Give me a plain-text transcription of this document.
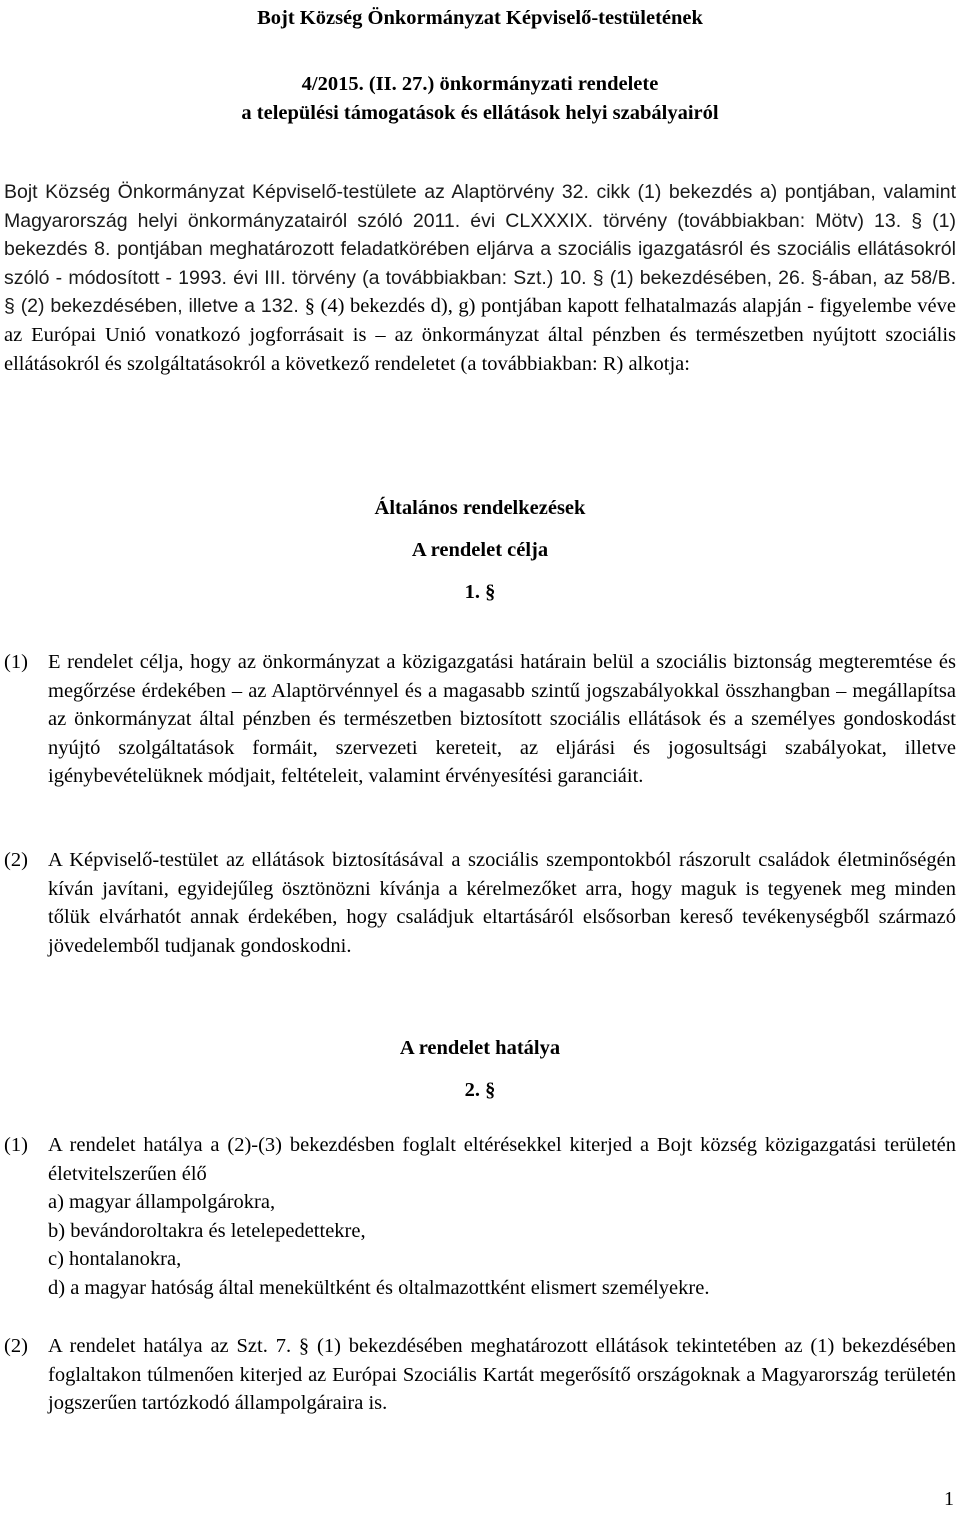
Bojt Község Önkormányzat Képviselő-testületének
4/2015. (II. 27.) önkormányzati rendelete
a települési támogatások és ellátások helyi szabályairól
Bojt Község Önkormányzat Képviselő-testülete az Alaptörvény 32. cikk (1) bekezdés a) pontjában, valamint Magyarország helyi önkormányzatairól szóló 2011. évi CLXXXIX. törvény (továbbiakban: Mötv) 13. § (1) bekezdés 8. pontjában meghatározott feladatkörében eljárva a szociális igazgatásról és szociális ellátásokról szóló - módosított - 1993. évi III. törvény (a továbbiakban: Szt.) 10. § (1) bekezdésében, 26. §-ában, az 58/B. § (2) bekezdésében, illetve a 132. § (4) bekezdés d), g) pontjában kapott felhatalmazás alapján - figyelembe véve az Európai Unió vonatkozó jogforrásait is – az önkormányzat által pénzben és természetben nyújtott szociális ellátásokról és szolgáltatásokról a következő rendeletet (a továbbiakban: R) alkotja:
Általános rendelkezések
A rendelet célja
1. §
(1) E rendelet célja, hogy az önkormányzat a közigazgatási határain belül a szociális biztonság megteremtése és megőrzése érdekében – az Alaptörvénnyel és a magasabb szintű jogszabályokkal összhangban – megállapítsa az önkormányzat által pénzben és természetben biztosított szociális ellátások és a személyes gondoskodást nyújtó szolgáltatások formáit, szervezeti kereteit, az eljárási és jogosultsági szabályokat, illetve igénybevételüknek módjait, feltételeit, valamint érvényesítési garanciáit.
(2) A Képviselő-testület az ellátások biztosításával a szociális szempontokból rászorult családok életminőségén kíván javítani, egyidejűleg ösztönözni kívánja a kérelmezőket arra, hogy maguk is tegyenek meg minden tőlük elvárhatót annak érdekében, hogy családjuk eltartásáról elsősorban kereső tevékenységből származó jövedelemből tudjanak gondoskodni.
A rendelet hatálya
2. §
(1) A rendelet hatálya a (2)-(3) bekezdésben foglalt eltérésekkel kiterjed a Bojt község közigazgatási területén életvitelszerűen élő
a) magyar állampolgárokra,
b) bevándoroltakra és letelepedettekre,
c) hontalanokra,
d) a magyar hatóság által menekültként és oltalmazottként elismert személyekre.
(2) A rendelet hatálya az Szt. 7. § (1) bekezdésében meghatározott ellátások tekintetében az (1) bekezdésében foglaltakon túlmenően kiterjed az Európai Szociális Kartát megerősítő országoknak a Magyarország területén jogszerűen tartózkodó állampolgáraira is.
1
